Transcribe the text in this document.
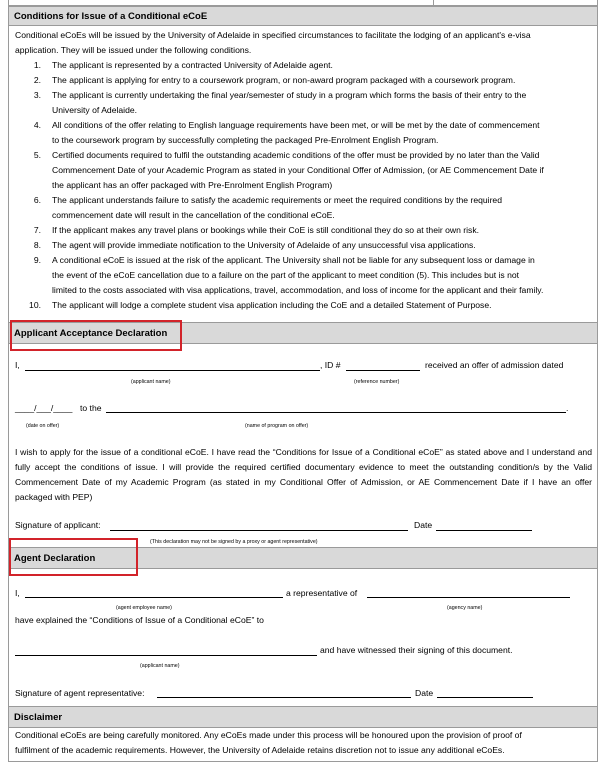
Conditions for Issue of a Conditional eCoE
Conditional eCoEs will be issued by the University of Adelaide in specified circumstances to facilitate the lodging of an applicant's e-visa
application. They will be issued under the following conditions.
1. The applicant is represented by a contracted University of Adelaide agent.
2. The applicant is applying for entry to a coursework program, or non-award program packaged with a coursework program.
3. The applicant is currently undertaking the final year/semester of study in a program which forms the basis of their entry to the
University of Adelaide.
4. All conditions of the offer relating to English language requirements have been met, or will be met by the date of commencement
to the coursework program by successfully completing the packaged Pre-Enrolment English Program.
5. Certified documents required to fulfil the outstanding academic conditions of the offer must be provided by no later than the Valid
Commencement Date of your Academic Program as stated in your Conditional Offer of Admission, (or AE Commencement Date if
the applicant has an offer packaged with Pre-Enrolment English Program)
6. The applicant understands failure to satisfy the academic requirements or meet the required conditions by the required
commencement date will result in the cancellation of the conditional eCoE.
7. If the applicant makes any travel plans or bookings while their CoE is still conditional they do so at their own risk.
8. The agent will provide immediate notification to the University of Adelaide of any unsuccessful visa applications.
9. A conditional eCoE is issued at the risk of the applicant. The University shall not be liable for any subsequent loss or damage in
the event of the eCoE cancellation due to a failure on the part of the applicant to meet condition (5). This includes but is not
limited to the costs associated with visa applications, travel, accommodation, and loss of income for the applicant and their family.
10. The applicant will lodge a complete student visa application including the CoE and a detailed Statement of Purpose.
Applicant Acceptance Declaration
I,	, ID #	received an offer of admission dated
(applicant name)	(reference number)
____/___/____ to the	.
(date on offer)	(name of program on offer)
I wish to apply for the issue of a conditional eCoE. I have read the “Conditions for Issue of a Conditional eCoE” as stated above and I understand and fully accept the conditions of issue. I will provide the required certified documentary evidence to meet the outstanding condition/s by the Valid Commencement Date of my Academic Program (as stated in my Conditional Offer of Admission, or AE Commencement Date if I have an offer packaged with PEP)
Signature of applicant:	Date
(This declaration may not be signed by a proxy or agent representative)
Agent Declaration
I,	a representative of
(agent employee name)	(agency name)
have explained the “Conditions of Issue of a Conditional eCoE” to
and have witnessed their signing of this document.
(applicant name)
Signature of agent representative:	Date
Disclaimer
Conditional eCoEs are being carefully monitored. Any eCoEs made under this process will be honoured upon the provision of proof of
fulfilment of the academic requirements. However, the University of Adelaide retains discretion not to issue any additional eCoEs.
